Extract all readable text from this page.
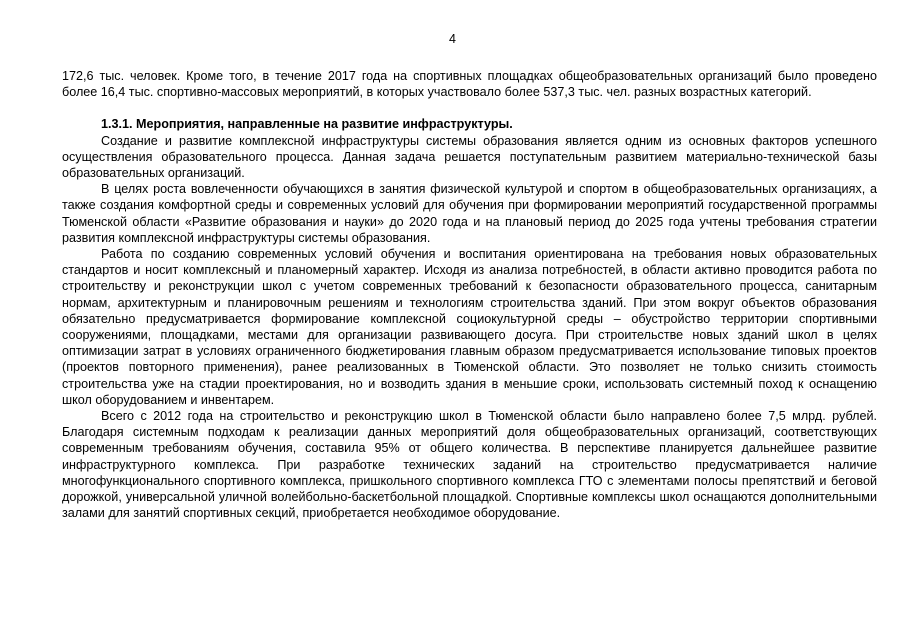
4

172,6 тыс. человек. Кроме того, в течение 2017 года на спортивных площадках общеобразовательных организаций было проведено более 16,4 тыс. спортивно-массовых мероприятий, в которых участвовало более 537,3 тыс. чел. разных возрастных категорий.

1.3.1. Мероприятия, направленные на развитие инфраструктуры.

Создание и развитие комплексной инфраструктуры системы образования является одним из основных факторов успешного осуществления образовательного процесса. Данная задача решается поступательным развитием материально-технической базы образовательных организаций.

В целях роста вовлеченности обучающихся в занятия физической культурой и спортом в общеобразовательных организациях, а также создания комфортной среды и современных условий для обучения при формировании мероприятий государственной программы Тюменской области «Развитие образования и науки» до 2020 года и на плановый период до 2025 года учтены требования стратегии развития комплексной инфраструктуры системы образования.

Работа по созданию современных условий обучения и воспитания ориентирована на требования новых образовательных стандартов и носит комплексный и планомерный характер. Исходя из анализа потребностей, в области активно проводится работа по строительству и реконструкции школ с учетом современных требований к безопасности образовательного процесса, санитарным нормам, архитектурным и планировочным решениям и технологиям строительства зданий. При этом вокруг объектов образования обязательно предусматривается формирование комплексной социокультурной среды – обустройство территории спортивными сооружениями, площадками, местами для организации развивающего досуга. При строительстве новых зданий школ в целях оптимизации затрат в условиях ограниченного бюджетирования главным образом предусматривается использование типовых проектов (проектов повторного применения), ранее реализованных в Тюменской области. Это позволяет не только снизить стоимость строительства уже на стадии проектирования, но и возводить здания в меньшие сроки, использовать системный поход к оснащению школ оборудованием и инвентарем.

Всего с 2012 года на строительство и реконструкцию школ в Тюменской области было направлено более 7,5 млрд. рублей. Благодаря системным подходам к реализации данных мероприятий доля общеобразовательных организаций, соответствующих современным требованиям обучения, составила 95% от общего количества. В перспективе планируется дальнейшее развитие инфраструктурного комплекса. При разработке технических заданий на строительство предусматривается наличие многофункционального спортивного комплекса, пришкольного спортивного комплекса ГТО с элементами полосы препятствий и беговой дорожкой, универсальной уличной волейбольно-баскетбольной площадкой. Спортивные комплексы школ оснащаются дополнительными залами для занятий спортивных секций, приобретается необходимое оборудование.
